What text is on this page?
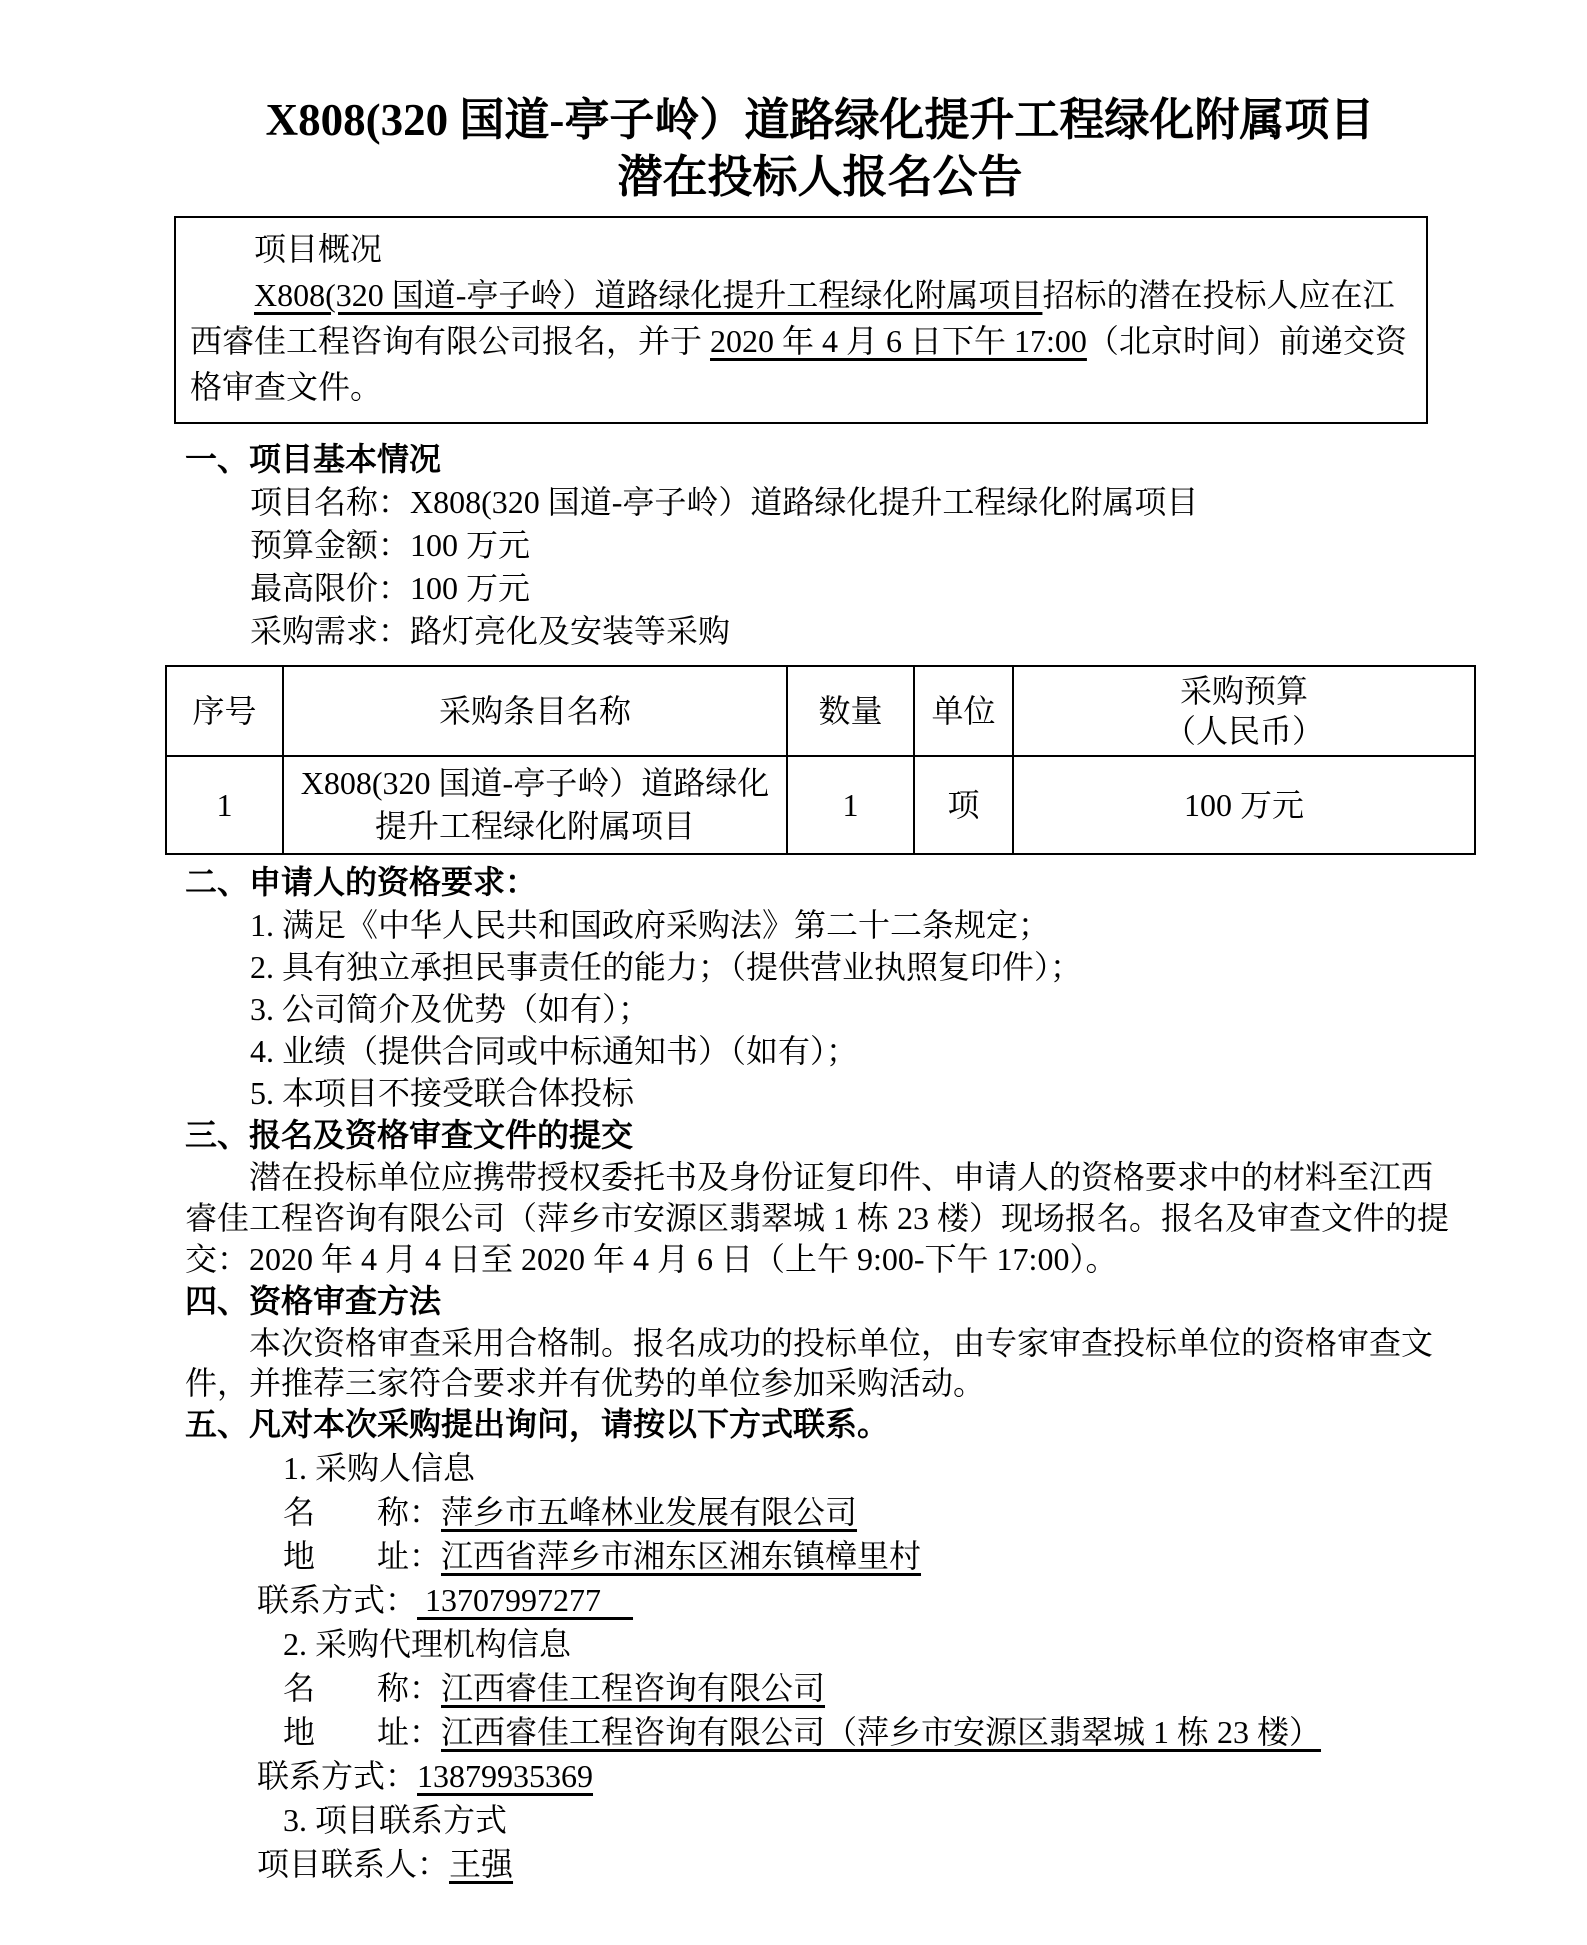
X808(320 国道-亭子岭）道路绿化提升工程绿化附属项目
潜在投标人报名公告
项目概况
X808(320 国道-亭子岭）道路绿化提升工程绿化附属项目招标的潜在投标人应在江西睿佳工程咨询有限公司报名，并于 2020 年 4 月 6 日下午 17:00（北京时间）前递交资格审查文件。
一、项目基本情况
项目名称：X808(320 国道-亭子岭）道路绿化提升工程绿化附属项目
预算金额：100 万元
最高限价：100 万元
采购需求：路灯亮化及安装等采购
序号	采购条目名称	数量	单位	采购预算
（人民币）

1	X808(320 国道-亭子岭）道路绿化提升工程绿化附属项目	1	项	100 万元
二、申请人的资格要求：
1. 满足《中华人民共和国政府采购法》第二十二条规定；
2. 具有独立承担民事责任的能力；（提供营业执照复印件）；
3. 公司简介及优势（如有）；
4. 业绩（提供合同或中标通知书）（如有）；
5. 本项目不接受联合体投标
三、报名及资格审查文件的提交
潜在投标单位应携带授权委托书及身份证复印件、申请人的资格要求中的材料至江西睿佳工程咨询有限公司（萍乡市安源区翡翠城 1 栋 23 楼）现场报名。报名及审查文件的提交：2020 年 4 月 4 日至 2020 年 4 月 6 日（上午 9:00-下午 17:00）。
四、资格审查方法
本次资格审查采用合格制。报名成功的投标单位，由专家审查投标单位的资格审查文件，并推荐三家符合要求并有优势的单位参加采购活动。
五、凡对本次采购提出询问，请按以下方式联系。
1. 采购人信息
名 称： 萍乡市五峰林业发展有限公司
地 址： 江西省萍乡市湘东区湘东镇樟里村
联系方式： 13707997277
2. 采购代理机构信息
名 称： 江西睿佳工程咨询有限公司
地 址： 江西睿佳工程咨询有限公司（萍乡市安源区翡翠城 1 栋 23 楼）
联系方式：13879935369
3. 项目联系方式
项目联系人：王强
